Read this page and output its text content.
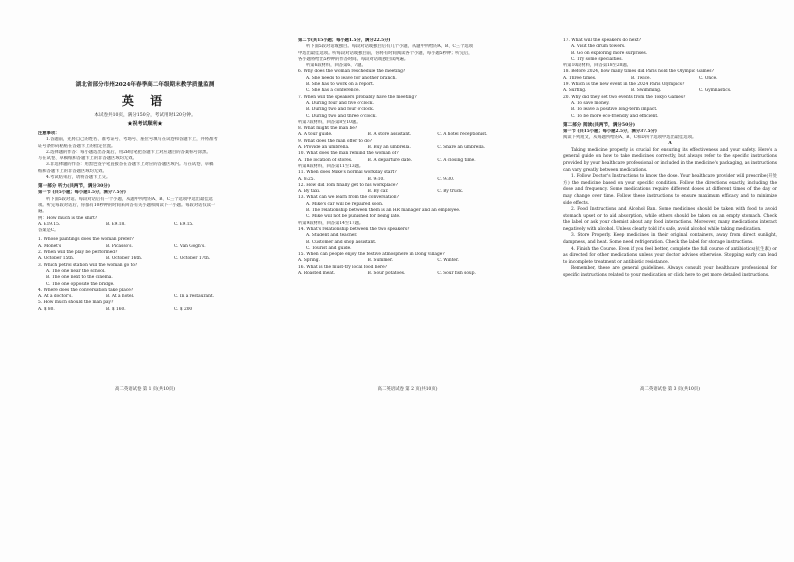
湖北省部分市州2024年春季高二年级期末教学质量监测

英 语

本试卷共10页，满分150分，考试用时120分钟。

★祝考试顺利★

注意事项：

1.答题前，先将自己的姓名、准考证号、考场号、座位号填写在试卷和答题卡上，并将准考

证号条形码粘贴在答题卡上的指定位置。

2.选择题的作答：每小题选出答案后，用2B铅笔把答题卡上对应题目的答案标号涂黑。

写在试卷、草稿纸和答题卡上的非答题区域均无效。

3.非选择题的作答：用黑色签字笔直接答在答题卡上对应的答题区域内。写在试卷、草稿

纸和答题卡上的非答题区域均无效。

4.考试结束后，请将答题卡上交。

第一部分 听力(共两节，满分30分)

第一节 (共5小题；每小题1.5分，满分7.5分)

听下面5段对话。每段对话后有一个小题，从题中所给的A、B、C三个选项中选出最佳选

项。听完每段对话后，你都有10秒钟的时间来回答有关小题和阅读下一小题。每段对话仅读一

遍。

例：How much is the shirt?

A. £19.15.	B. £9.18.	C. £9.15.

答案是C。

1. Whose paintings does the woman prefer?

A. Monet's	B. Picasso's.	C. Van Gogh's.

2. When will the play be performed?

A. October 15th.	B. October 16th.	C. October 17th.

3. Which petrol station will the woman go to?

A. The one near the school.

B. The one next to the cinema.

C. The one opposite the bridge.

4. Where does the conversation take place?

A. At a doctor's.	B. At a hotel.	C. In a restaurant.

5. How much should the man pay?

A. $ 80.	B. $ 160.	C. $ 200

高二英语试卷 第 1 页(共10页)

第二节(共15小题；每小题1.5分，满分22.5分)

听下面5段对话或独白。每段对话或独白后有几个小题，从题中所给的A、B、C三个选项

中选出最佳选项。听每段对话或独白前，你将有时间阅读各个小题，每小题5秒钟；听完后，

各小题将给出5秒钟的作答时间。每段对话或独白读两遍。

听第6段材料，回答第6、7题。

6. Why does the woman reschedule the meeting?

A. She needs to leave for another branch.

B. She has to work on a report.

C. She has a conference.

7. When will the speakers probably have the meeting?

A. During four and five o'clock.

B. During two and four o'clock.

C. During two and three o'clock.

听第7段材料，回答第8至10题。

8. What might the man be?

A. A tour guide.	B. A store assistant.	C. A hotel receptionist.

9. What does the man offer to do?

A. Provide an umbrella.	B. Buy an umbrella.	C. Share an umbrella.

10. What does the man remind the woman of?

A. The location of stores.	B. A departure date.	C. A closing time.

听第8段材料，回答第11至13题。

11. When does Mike's normal workday start?

A. 8:25.	B. 9:10.	C. 9:30.

12. How did Tom finally get to his workplace?

A. By taxi.	B. By car.	C. By truck.

13. What can we learn from the conversation?

A. Mike's car will be repaired soon.

B. The relationship between them is an HR manager and an employee.

C. Mike will not be punished for being late.

听第9段材料，回答第14至17题。

14. What's relationship between the two speakers?

A. Student and teacher.

B. Customer and shop assistant.

C. Tourist and guide.

15. When can people enjoy the festive atmosphere in Dong village?

A. Spring.	B. Summer.	C. Winter.

16. What is the must-try local food here?

A. Roasted meat.	B. Sour potatoes.	C. Sour fish soup.

高二英语试卷 第 2 页(共10页)

17. What will the speakers do next?

A. Visit the drum towers.

B. Go on exploring more surprises.

C. Try some specialties.

听第10段材料，回答第18至20题。

18. Before 2024, how many times did Paris hold the Olympic Games?

A. Three times.	B. Twice.	C. Once.

19. Which is the new event in the 2024 Paris Olympics?

A. Surfing.	B. Swimming.	C. Gymnastics.

20. Why did they set two events from the Tokyo Games?

A. To save money.

B. To leave a positive long-term impact.

C. To be more eco-friendly and efficient.

第二部分 阅读(共两节，满分50分)

第一节 (共15小题；每小题2.5分，满分37.5分)

阅读下列短文，从每题所给的A、B、C和D四个选项中选出最佳选项。

A

Taking medicine properly is crucial for ensuring its effectiveness and your safety. Here's a general guide on how to take medicines correctly, but always refer to the specific instructions provided by your healthcare professional or included in the medicine's packaging, as instructions can vary greatly between medications.

1. Follow Doctor's Instructions to know the dose. Your healthcare provider will prescribe(开处方) the medicine based on your specific condition. Follow the directions exactly, including the dose and frequency. Some medications require different doses at different times of the day or may change over time. Follow these instructions to ensure maximum efficacy and to minimize side effects.

2. Food Instructions and Alcohol Ban. Some medicines should be taken with food to avoid stomach upset or to aid absorption, while others should be taken on an empty stomach. Check the label or ask your chemist about any food interactions. Moreover, many medications interact negatively with alcohol. Unless clearly told it's safe, avoid alcohol while taking medication.

3. Store Properly. Keep medicines in their original containers, away from direct sunlight, dampness, and heat. Some need refrigeration. Check the label for storage instructions.

4. Finish the Course. Even if you feel better, complete the full course of antibiotics(抗生素) or as directed for other medications unless your doctor advises otherwise. Stopping early can lead to incomplete treatment or antibiotic resistance.

Remember, these are general guidelines. Always consult your healthcare professional for specific instructions related to your medication or click here to get more detailed instructions.

高二英语试卷 第 3 页(共10页)
